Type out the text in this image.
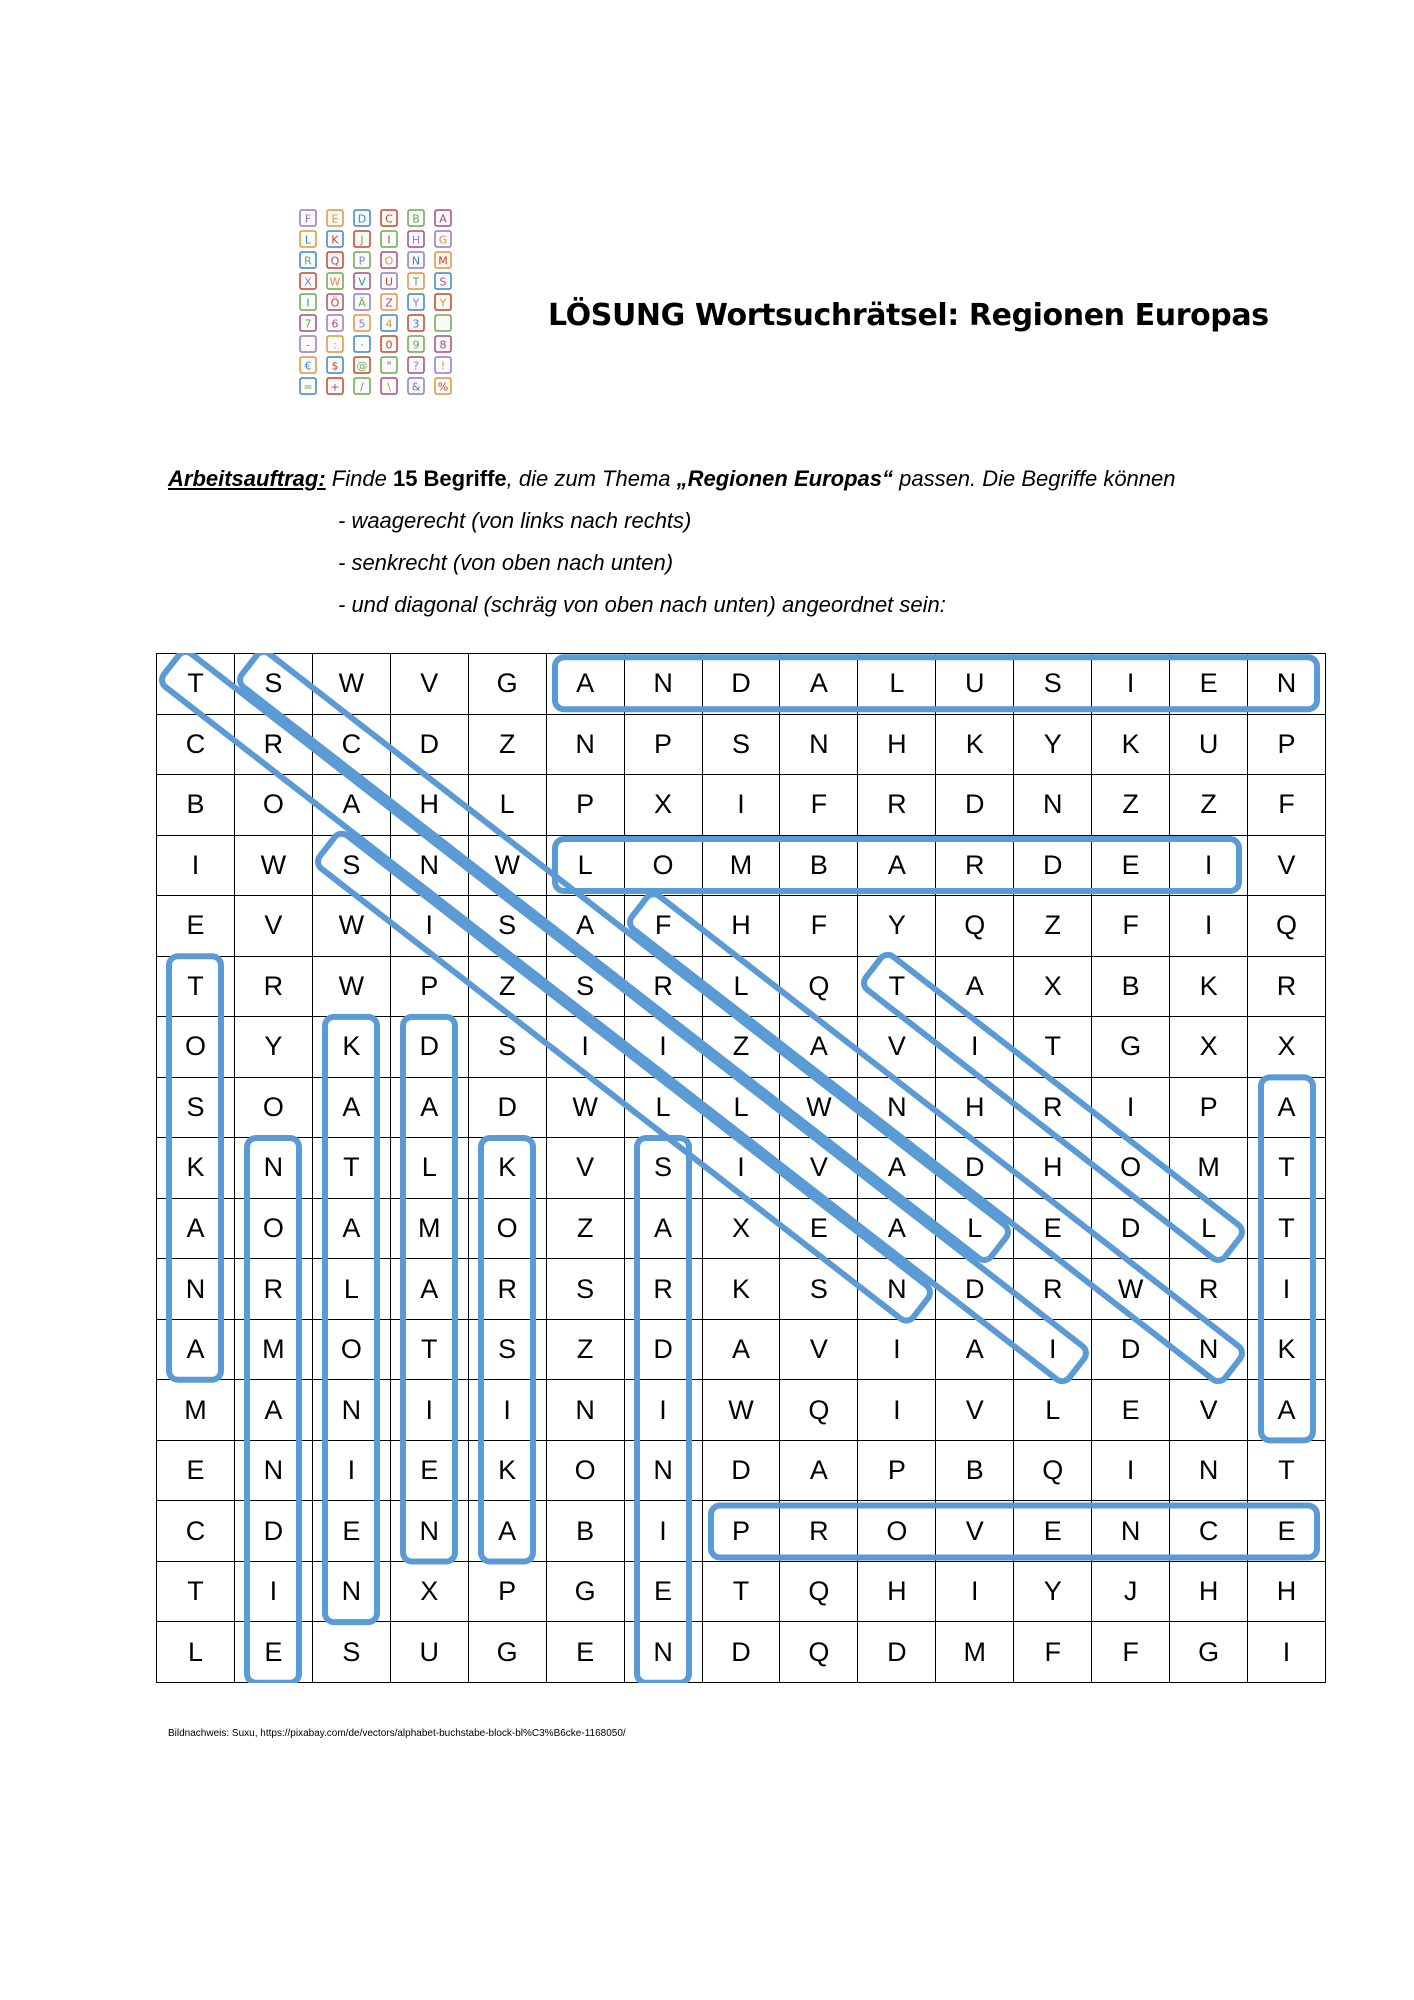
F E D C B A
L K J I H G
R Q P O N M
X W V U T S
I Ö Ä Z Y Y
7 6 5 4 3
- : · 0 9 8
€ $ @ " ? !
= + / \ & %
LÖSUNG Wortsuchrätsel: Regionen Europas
Arbeitsauftrag: Finde 15 Begriffe, die zum Thema „Regionen Europas“ passen. Die Begriffe können
- waagerecht (von links nach rechts)
- senkrecht (von oben nach unten)
- und diagonal (schräg von oben nach unten) angeordnet sein:
T	S	W	V	G	A	N	D	A	L	U	S	I	E	N
C	R	C	D	Z	N	P	S	N	H	K	Y	K	U	P
B	O	A	H	L	P	X	I	F	R	D	N	Z	Z	F
I	W	S	N	W	L	O	M	B	A	R	D	E	I	V
E	V	W	I	S	A	F	H	F	Y	Q	Z	F	I	Q
T	R	W	P	Z	S	R	L	Q	T	A	X	B	K	R
O	Y	K	D	S	I	I	Z	A	V	I	T	G	X	X
S	O	A	A	D	W	L	L	W	N	H	R	I	P	A
K	N	T	L	K	V	S	I	V	A	D	H	O	M	T
A	O	A	M	O	Z	A	X	E	A	L	E	D	L	T
N	R	L	A	R	S	R	K	S	N	D	R	W	R	I
A	M	O	T	S	Z	D	A	V	I	A	I	D	N	K
M	A	N	I	I	N	I	W	Q	I	V	L	E	V	A
E	N	I	E	K	O	N	D	A	P	B	Q	I	N	T
C	D	E	N	A	B	I	P	R	O	V	E	N	C	E
T	I	N	X	P	G	E	T	Q	H	I	Y	J	H	H
L	E	S	U	G	E	N	D	Q	D	M	F	F	G	I
Bildnachweis: Suxu, https://pixabay.com/de/vectors/alphabet-buchstabe-block-bl%C3%B6cke-1168050/
